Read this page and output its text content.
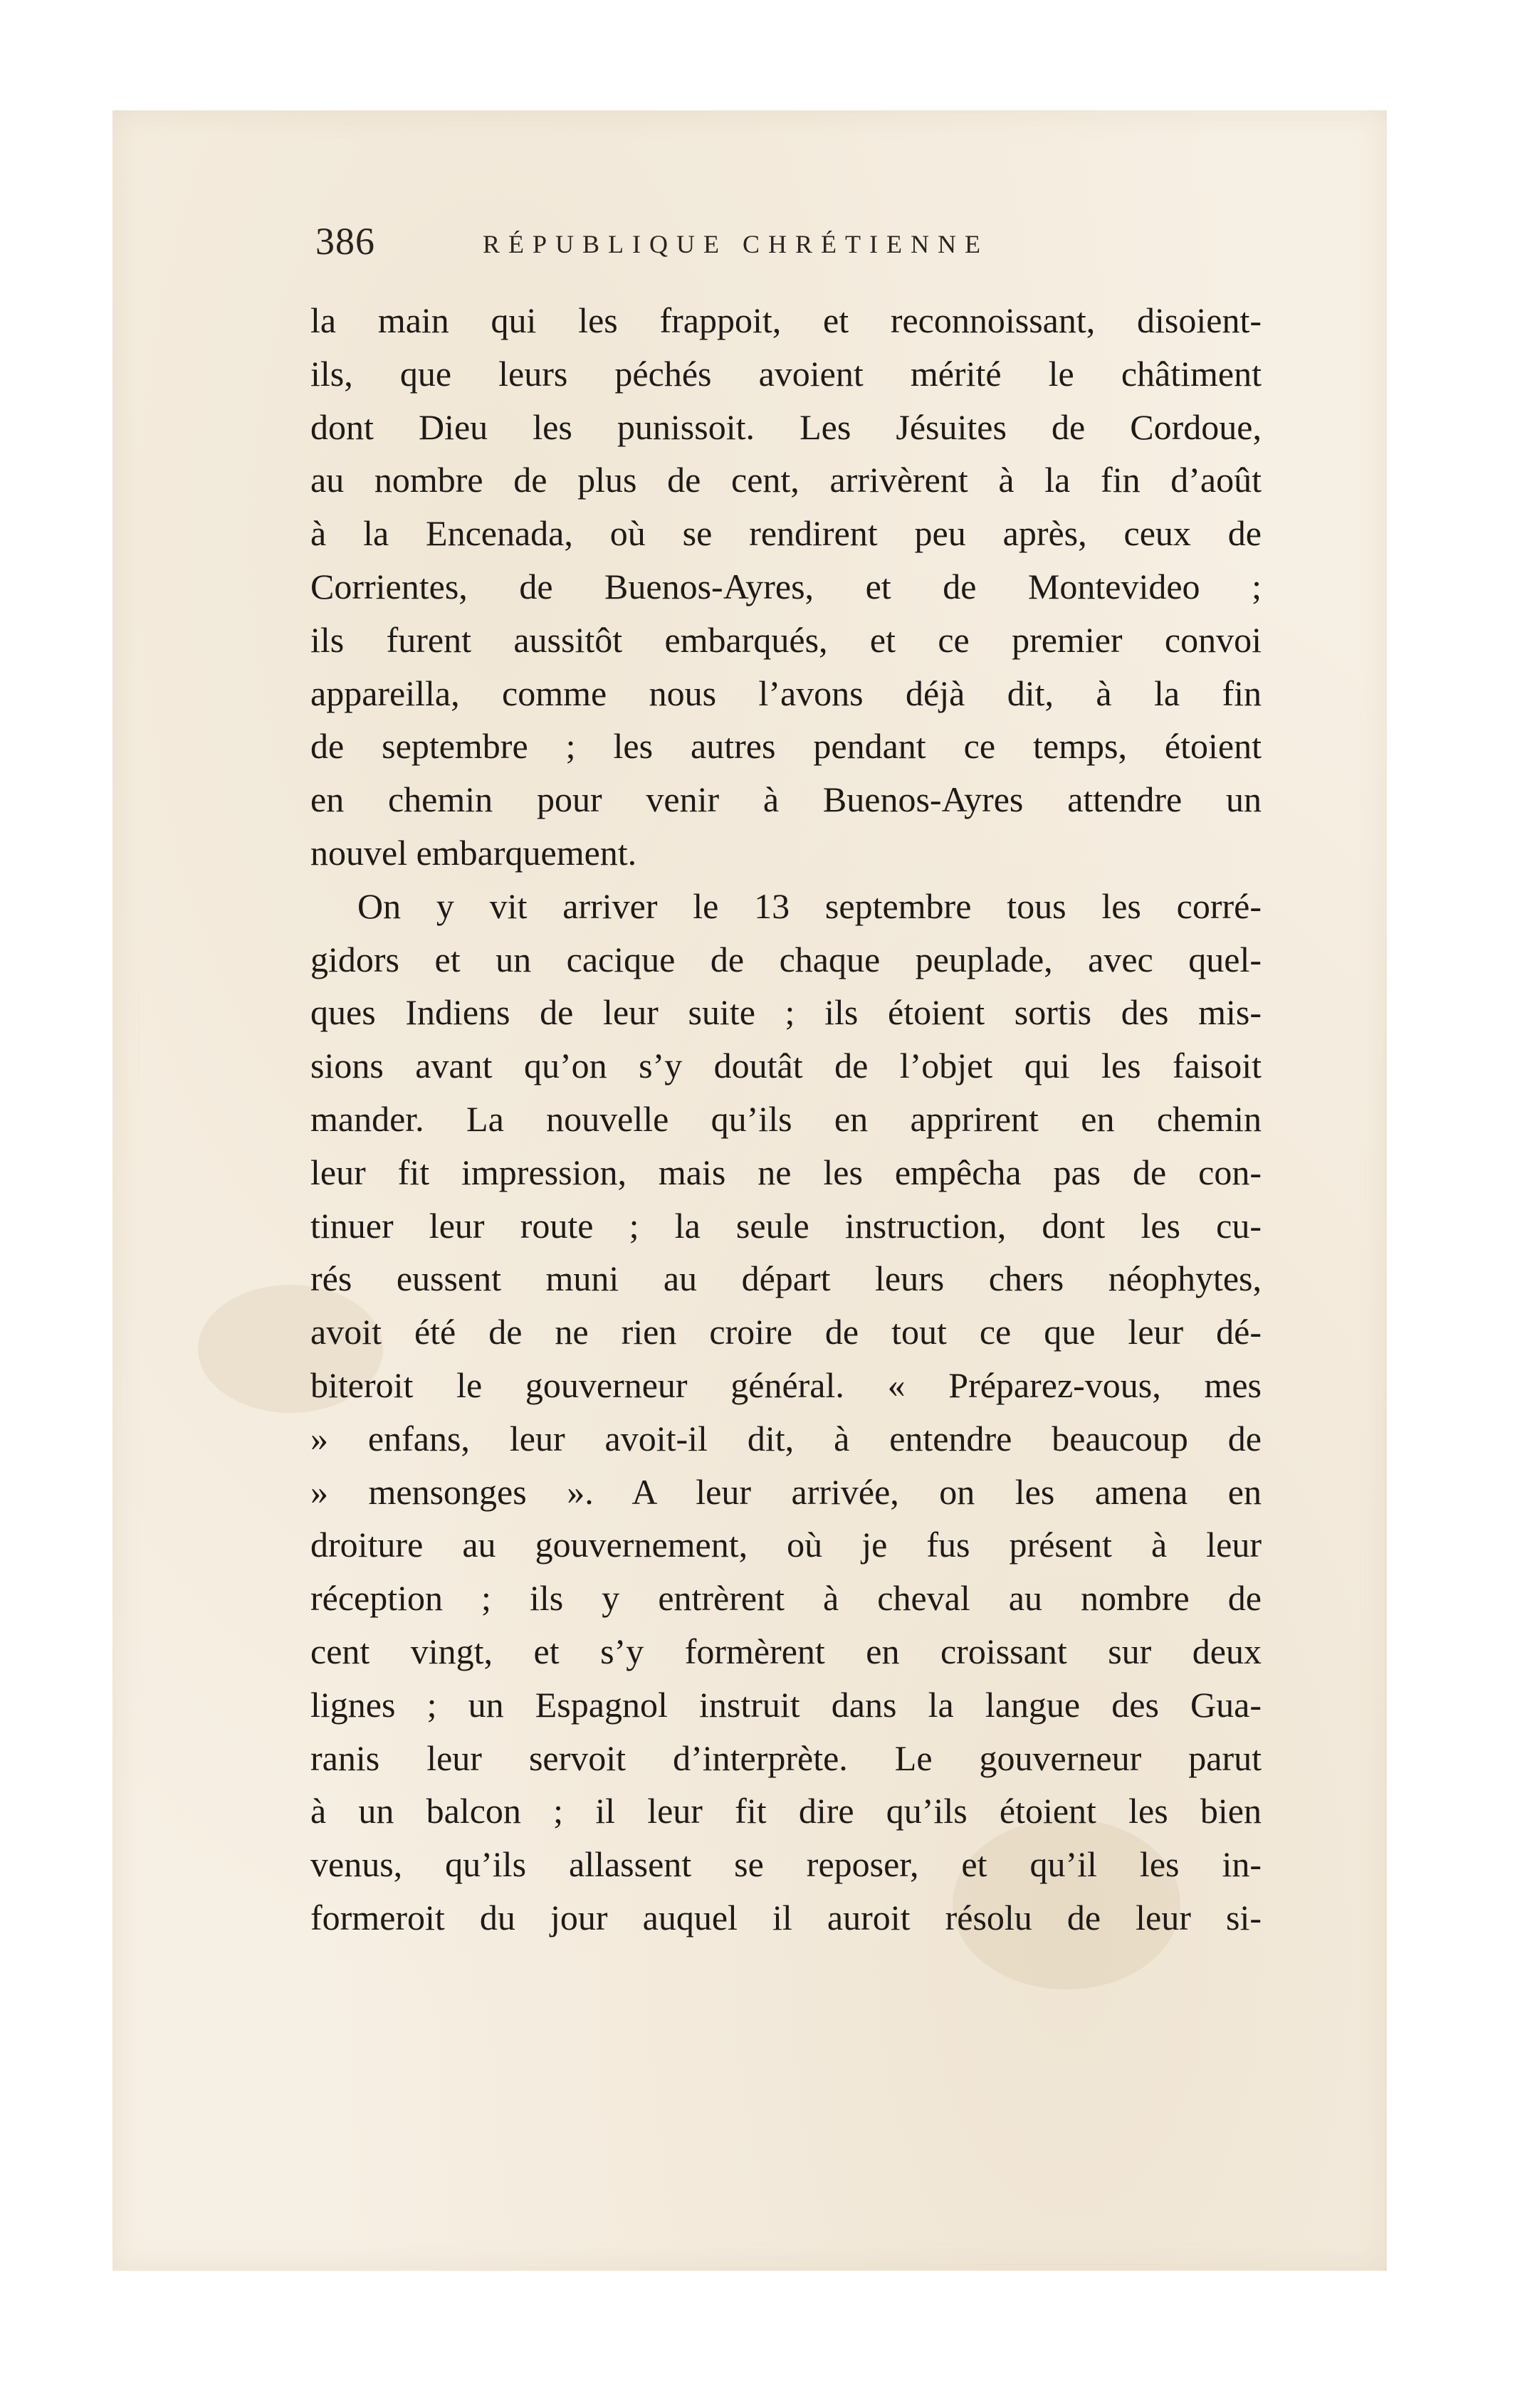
386	RÉPUBLIQUE CHRÉTIENNE

la main qui les frappoit, et reconnoissant, disoient-
ils, que leurs péchés avoient mérité le châtiment
dont Dieu les punissoit. Les Jésuites de Cordoue,
au nombre de plus de cent, arrivèrent à la fin d’août
à la Encenada, où se rendirent peu après, ceux de
Corrientes, de Buenos-Ayres, et de Montevideo ;
ils furent aussitôt embarqués, et ce premier convoi
appareilla, comme nous l’avons déjà dit, à la fin
de septembre ; les autres pendant ce temps, étoient
en chemin pour venir à Buenos-Ayres attendre un
nouvel embarquement.

On y vit arriver le 13 septembre tous les corré-
gidors et un cacique de chaque peuplade, avec quel-
ques Indiens de leur suite ; ils étoient sortis des mis-
sions avant qu’on s’y doutât de l’objet qui les faisoit
mander. La nouvelle qu’ils en apprirent en chemin
leur fit impression, mais ne les empêcha pas de con-
tinuer leur route ; la seule instruction, dont les cu-
rés eussent muni au départ leurs chers néophytes,
avoit été de ne rien croire de tout ce que leur dé-
biteroit le gouverneur général. « Préparez-vous, mes
» enfans, leur avoit-il dit, à entendre beaucoup de
» mensonges ». A leur arrivée, on les amena en
droiture au gouvernement, où je fus présent à leur
réception ; ils y entrèrent à cheval au nombre de
cent vingt, et s’y formèrent en croissant sur deux
lignes ; un Espagnol instruit dans la langue des Gua-
ranis leur servoit d’interprète. Le gouverneur parut
à un balcon ; il leur fit dire qu’ils étoient les bien
venus, qu’ils allassent se reposer, et qu’il les in-
formeroit du jour auquel il auroit résolu de leur si-
